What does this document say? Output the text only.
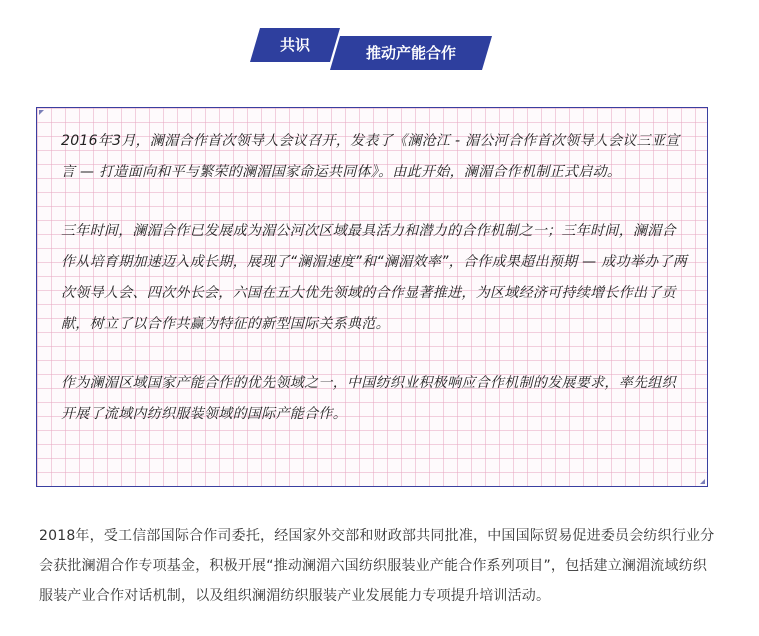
共识	推动产能合作

2016年3月，澜湄合作首次领导人会议召开，发表了《澜沧江 - 湄公河合作首次领导人会议三亚宣言 — 打造面向和平与繁荣的澜湄国家命运共同体》。由此开始，澜湄合作机制正式启动。

三年时间，澜湄合作已发展成为湄公河次区域最具活力和潜力的合作机制之一；三年时间，澜湄合作从培育期加速迈入成长期，展现了“澜湄速度”和“澜湄效率”，合作成果超出预期 — 成功举办了两次领导人会、四次外长会，六国在五大优先领域的合作显著推进，为区域经济可持续增长作出了贡献，树立了以合作共赢为特征的新型国际关系典范。

作为澜湄区域国家产能合作的优先领域之一，中国纺织业积极响应合作机制的发展要求，率先组织开展了流域内纺织服装领域的国际产能合作。

2018年，受工信部国际合作司委托，经国家外交部和财政部共同批准，中国国际贸易促进委员会纺织行业分会获批澜湄合作专项基金，积极开展“推动澜湄六国纺织服装业产能合作系列项目”，包括建立澜湄流域纺织服装产业合作对话机制，以及组织澜湄纺织服装产业发展能力专项提升培训活动。
